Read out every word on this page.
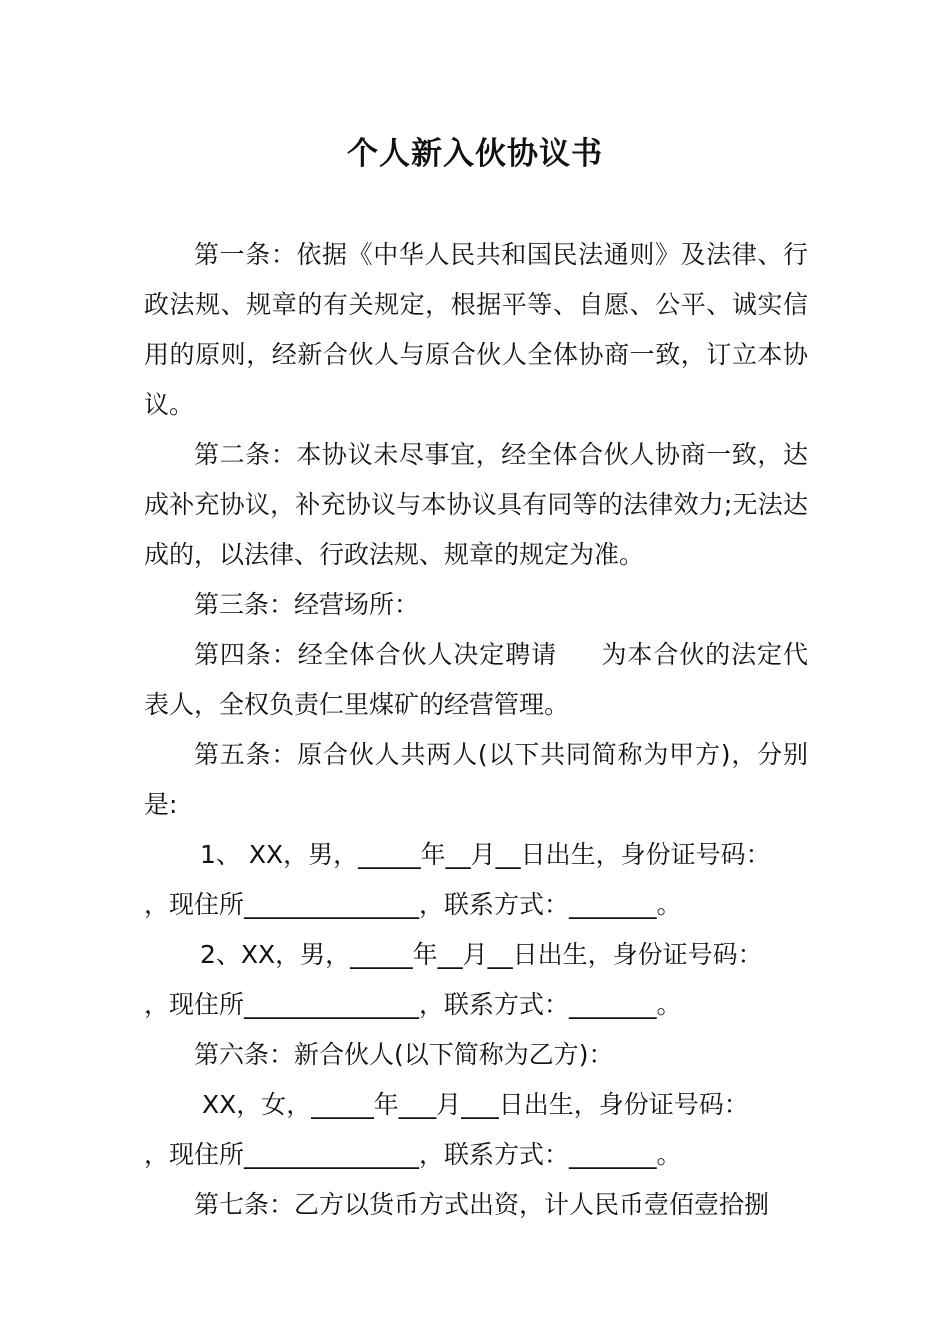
个人新入伙协议书

第一条：依据《中华人民共和国民法通则》及法律、行政法规、规章的有关规定，根据平等、自愿、公平、诚实信用的原则，经新合伙人与原合伙人全体协商一致，订立本协议。

第二条：本协议未尽事宜，经全体合伙人协商一致，达成补充协议，补充协议与本协议具有同等的法律效力;无法达成的，以法律、行政法规、规章的规定为准。

第三条：经营场所：

第四条：经全体合伙人决定聘请     为本合伙的法定代表人，全权负责仁里煤矿的经营管理。

第五条：原合伙人共两人(以下共同简称为甲方)，分别是:

1、 XX，男，_____年__月__日出生，身份证号码：

，现住所______________，联系方式：_______。

2、XX，男，_____年__月__日出生，身份证号码：

，现住所______________，联系方式：_______。

第六条：新合伙人(以下简称为乙方)：

XX，女，_____年___月___日出生，身份证号码：

，现住所______________，联系方式：_______。

第七条：乙方以货币方式出资，计人民币壹佰壹拾捌
